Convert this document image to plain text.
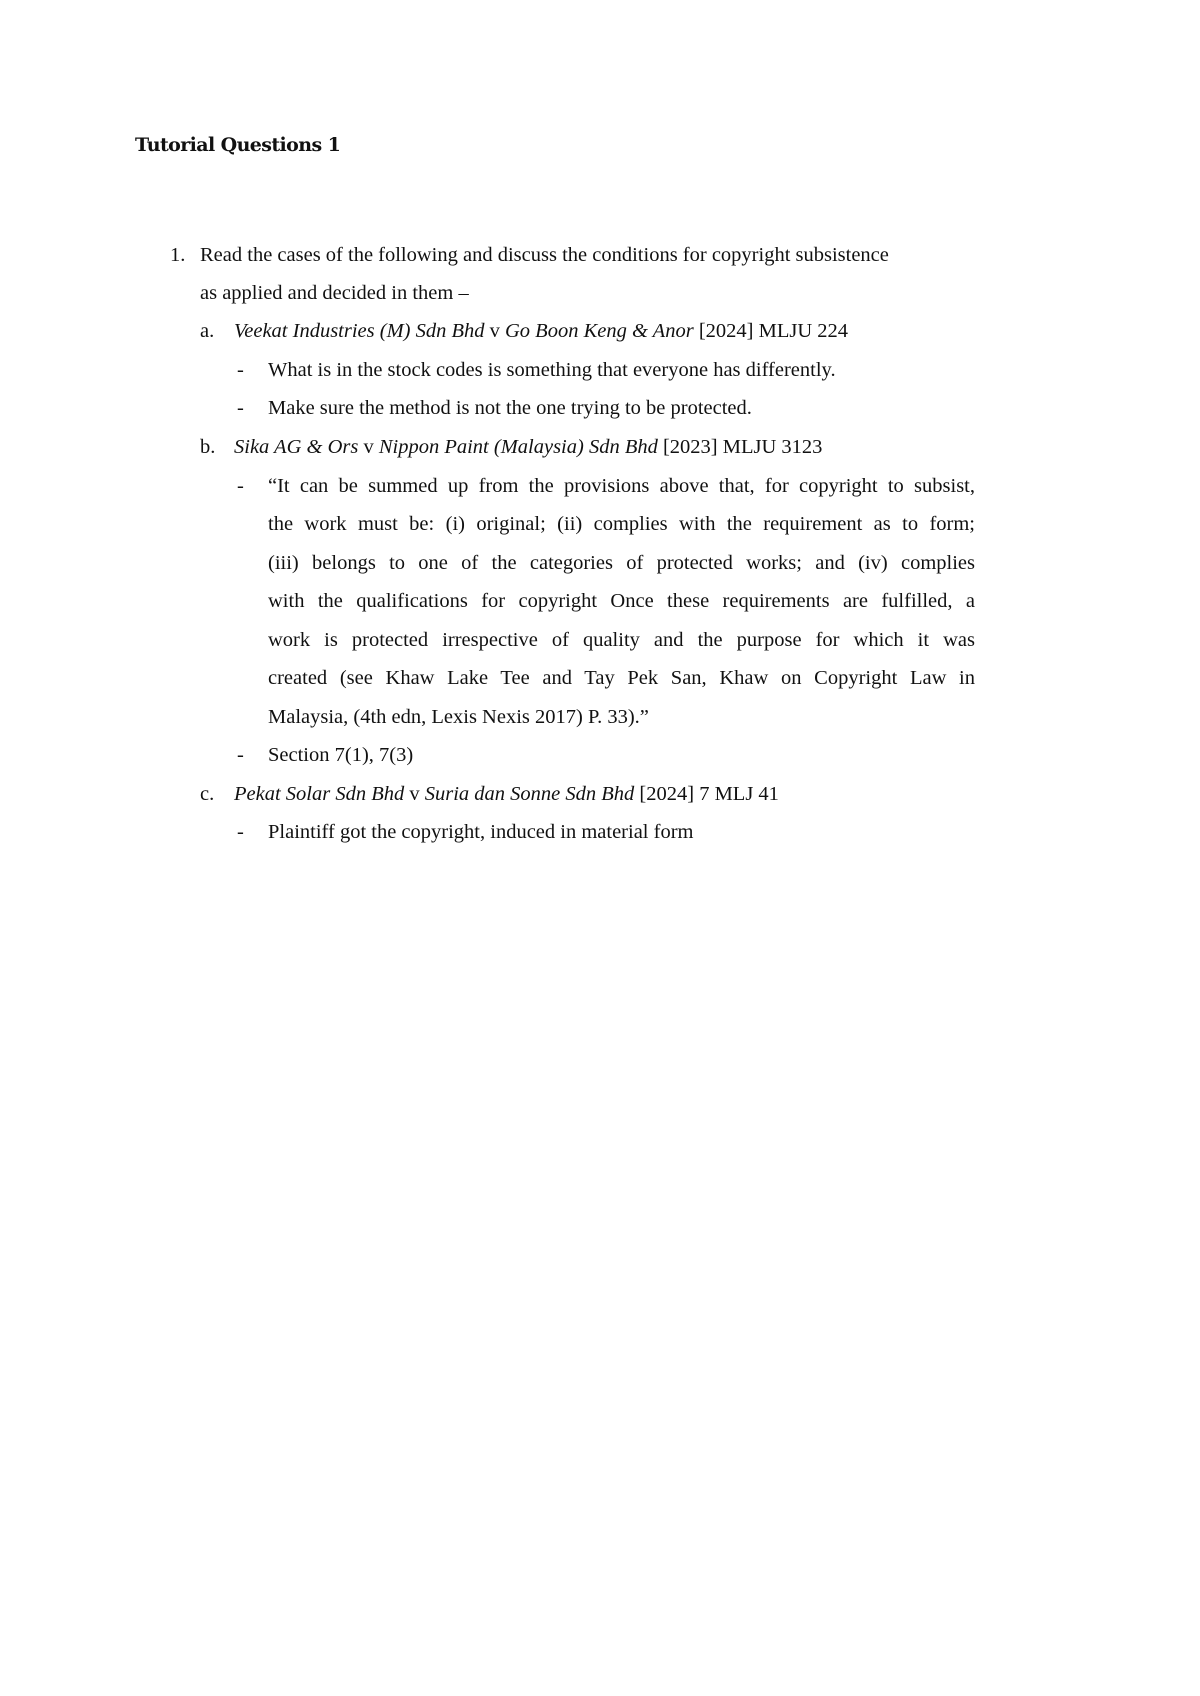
Tutorial Questions 1
1. Read the cases of the following and discuss the conditions for copyright subsistence
as applied and decided in them –
a. Veekat Industries (M) Sdn Bhd v Go Boon Keng & Anor [2024] MLJU 224
- What is in the stock codes is something that everyone has differently.
- Make sure the method is not the one trying to be protected.
b. Sika AG & Ors v Nippon Paint (Malaysia) Sdn Bhd [2023] MLJU 3123
- “It can be summed up from the provisions above that, for copyright to subsist,
the work must be: (i) original; (ii) complies with the requirement as to form;
(iii) belongs to one of the categories of protected works; and (iv) complies
with the qualifications for copyright Once these requirements are fulfilled, a
work is protected irrespective of quality and the purpose for which it was
created (see Khaw Lake Tee and Tay Pek San, Khaw on Copyright Law in
Malaysia, (4th edn, Lexis Nexis 2017) P. 33).”
- Section 7(1), 7(3)
c. Pekat Solar Sdn Bhd v Suria dan Sonne Sdn Bhd [2024] 7 MLJ 41
- Plaintiff got the copyright, induced in material form
